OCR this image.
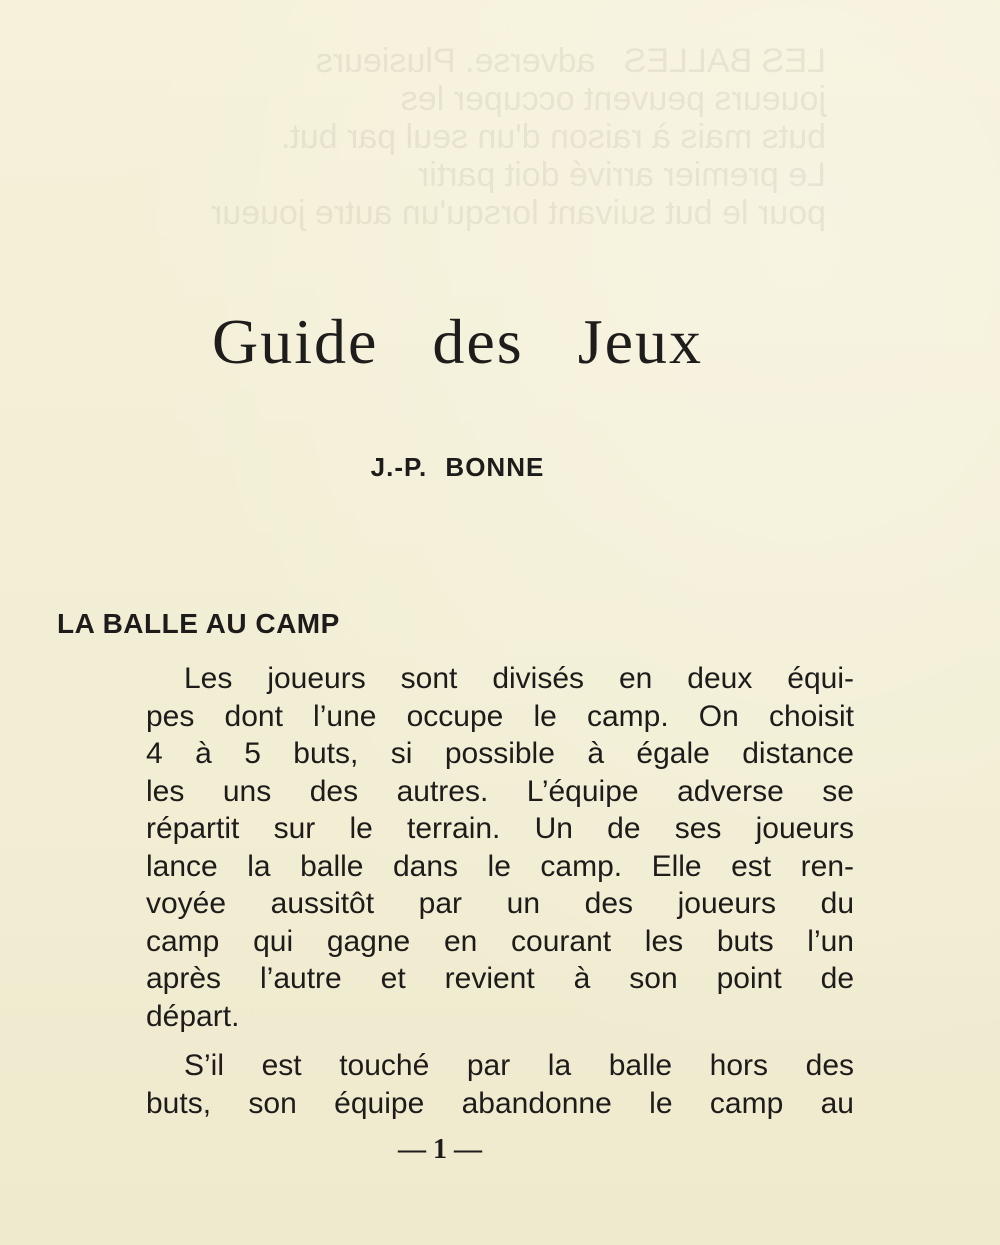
LES BALLES   adverse. Plusieurs
joueurs peuvent occuper les
buts mais à raison d'un seul par but.
Le premier arrivé doit partir
pour le but suivant lorsqu'un autre joueur
Guide des Jeux
J.-P. BONNE
LA BALLE AU CAMP
Les joueurs sont divisés en deux équi-
pes dont l’une occupe le camp. On choisit
4 à 5 buts, si possible à égale distance
les uns des autres. L’équipe adverse se
répartit sur le terrain. Un de ses joueurs
lance la balle dans le camp. Elle est ren-
voyée aussitôt par un des joueurs du
camp qui gagne en courant les buts l’un
après l’autre et revient à son point de
départ.
S’il est touché par la balle hors des
buts, son équipe abandonne le camp au
— 1 —
